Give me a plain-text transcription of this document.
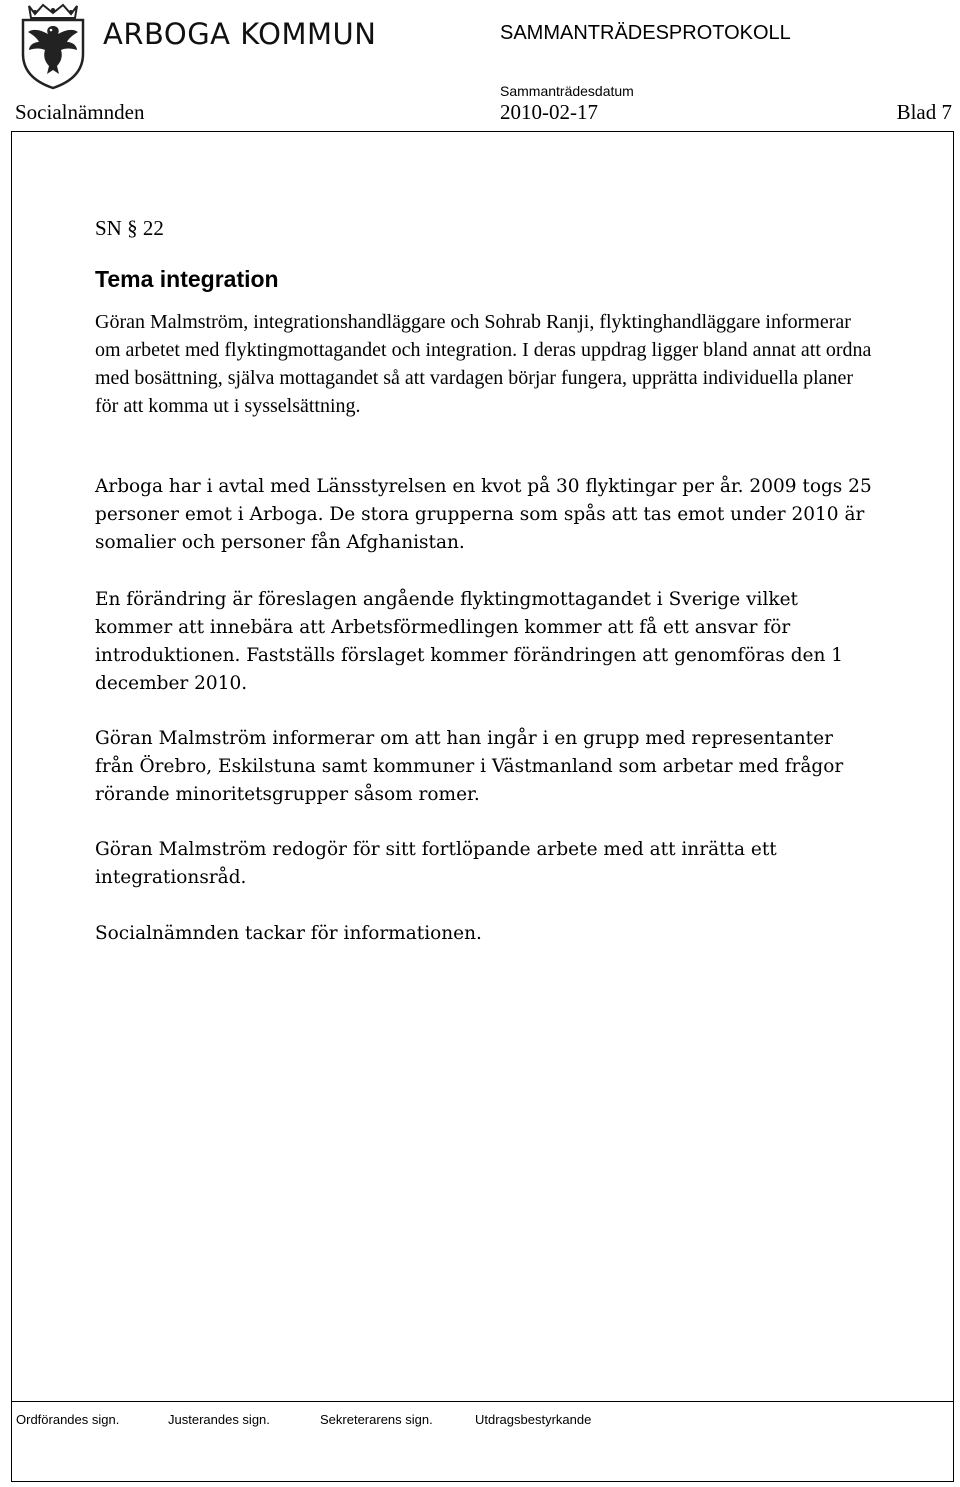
ARBOGA KOMMUN	SAMMANTRÄDESPROTOKOLL
Sammanträdesdatum
Socialnämnden	2010-02-17	Blad 7
SN § 22
Tema integration

Göran Malmström, integrationshandläggare och Sohrab Ranji, flyktinghandläggare informerar om arbetet med flyktingmottagandet och integration. I deras uppdrag ligger bland annat att ordna med bosättning, själva mottagandet så att vardagen börjar fungera, upprätta individuella planer för att komma ut i sysselsättning.

Arboga har i avtal med Länsstyrelsen en kvot på 30 flyktingar per år. 2009 togs 25 personer emot i Arboga. De stora grupperna som spås att tas emot under 2010 är somalier och personer fån Afghanistan.

En förändring är föreslagen angående flyktingmottagandet i Sverige vilket kommer att innebära att Arbetsförmedlingen kommer att få ett ansvar för introduktionen. Fastställs förslaget kommer förändringen att genomföras den 1 december 2010.

Göran Malmström informerar om att han ingår i en grupp med representanter från Örebro, Eskilstuna samt kommuner i Västmanland som arbetar med frågor rörande minoritetsgrupper såsom romer.

Göran Malmström redogör för sitt fortlöpande arbete med att inrätta ett integrationsråd.

Socialnämnden tackar för informationen.

Ordförandes sign.	Justerandes sign.	Sekreterarens sign.	Utdragsbestyrkande
